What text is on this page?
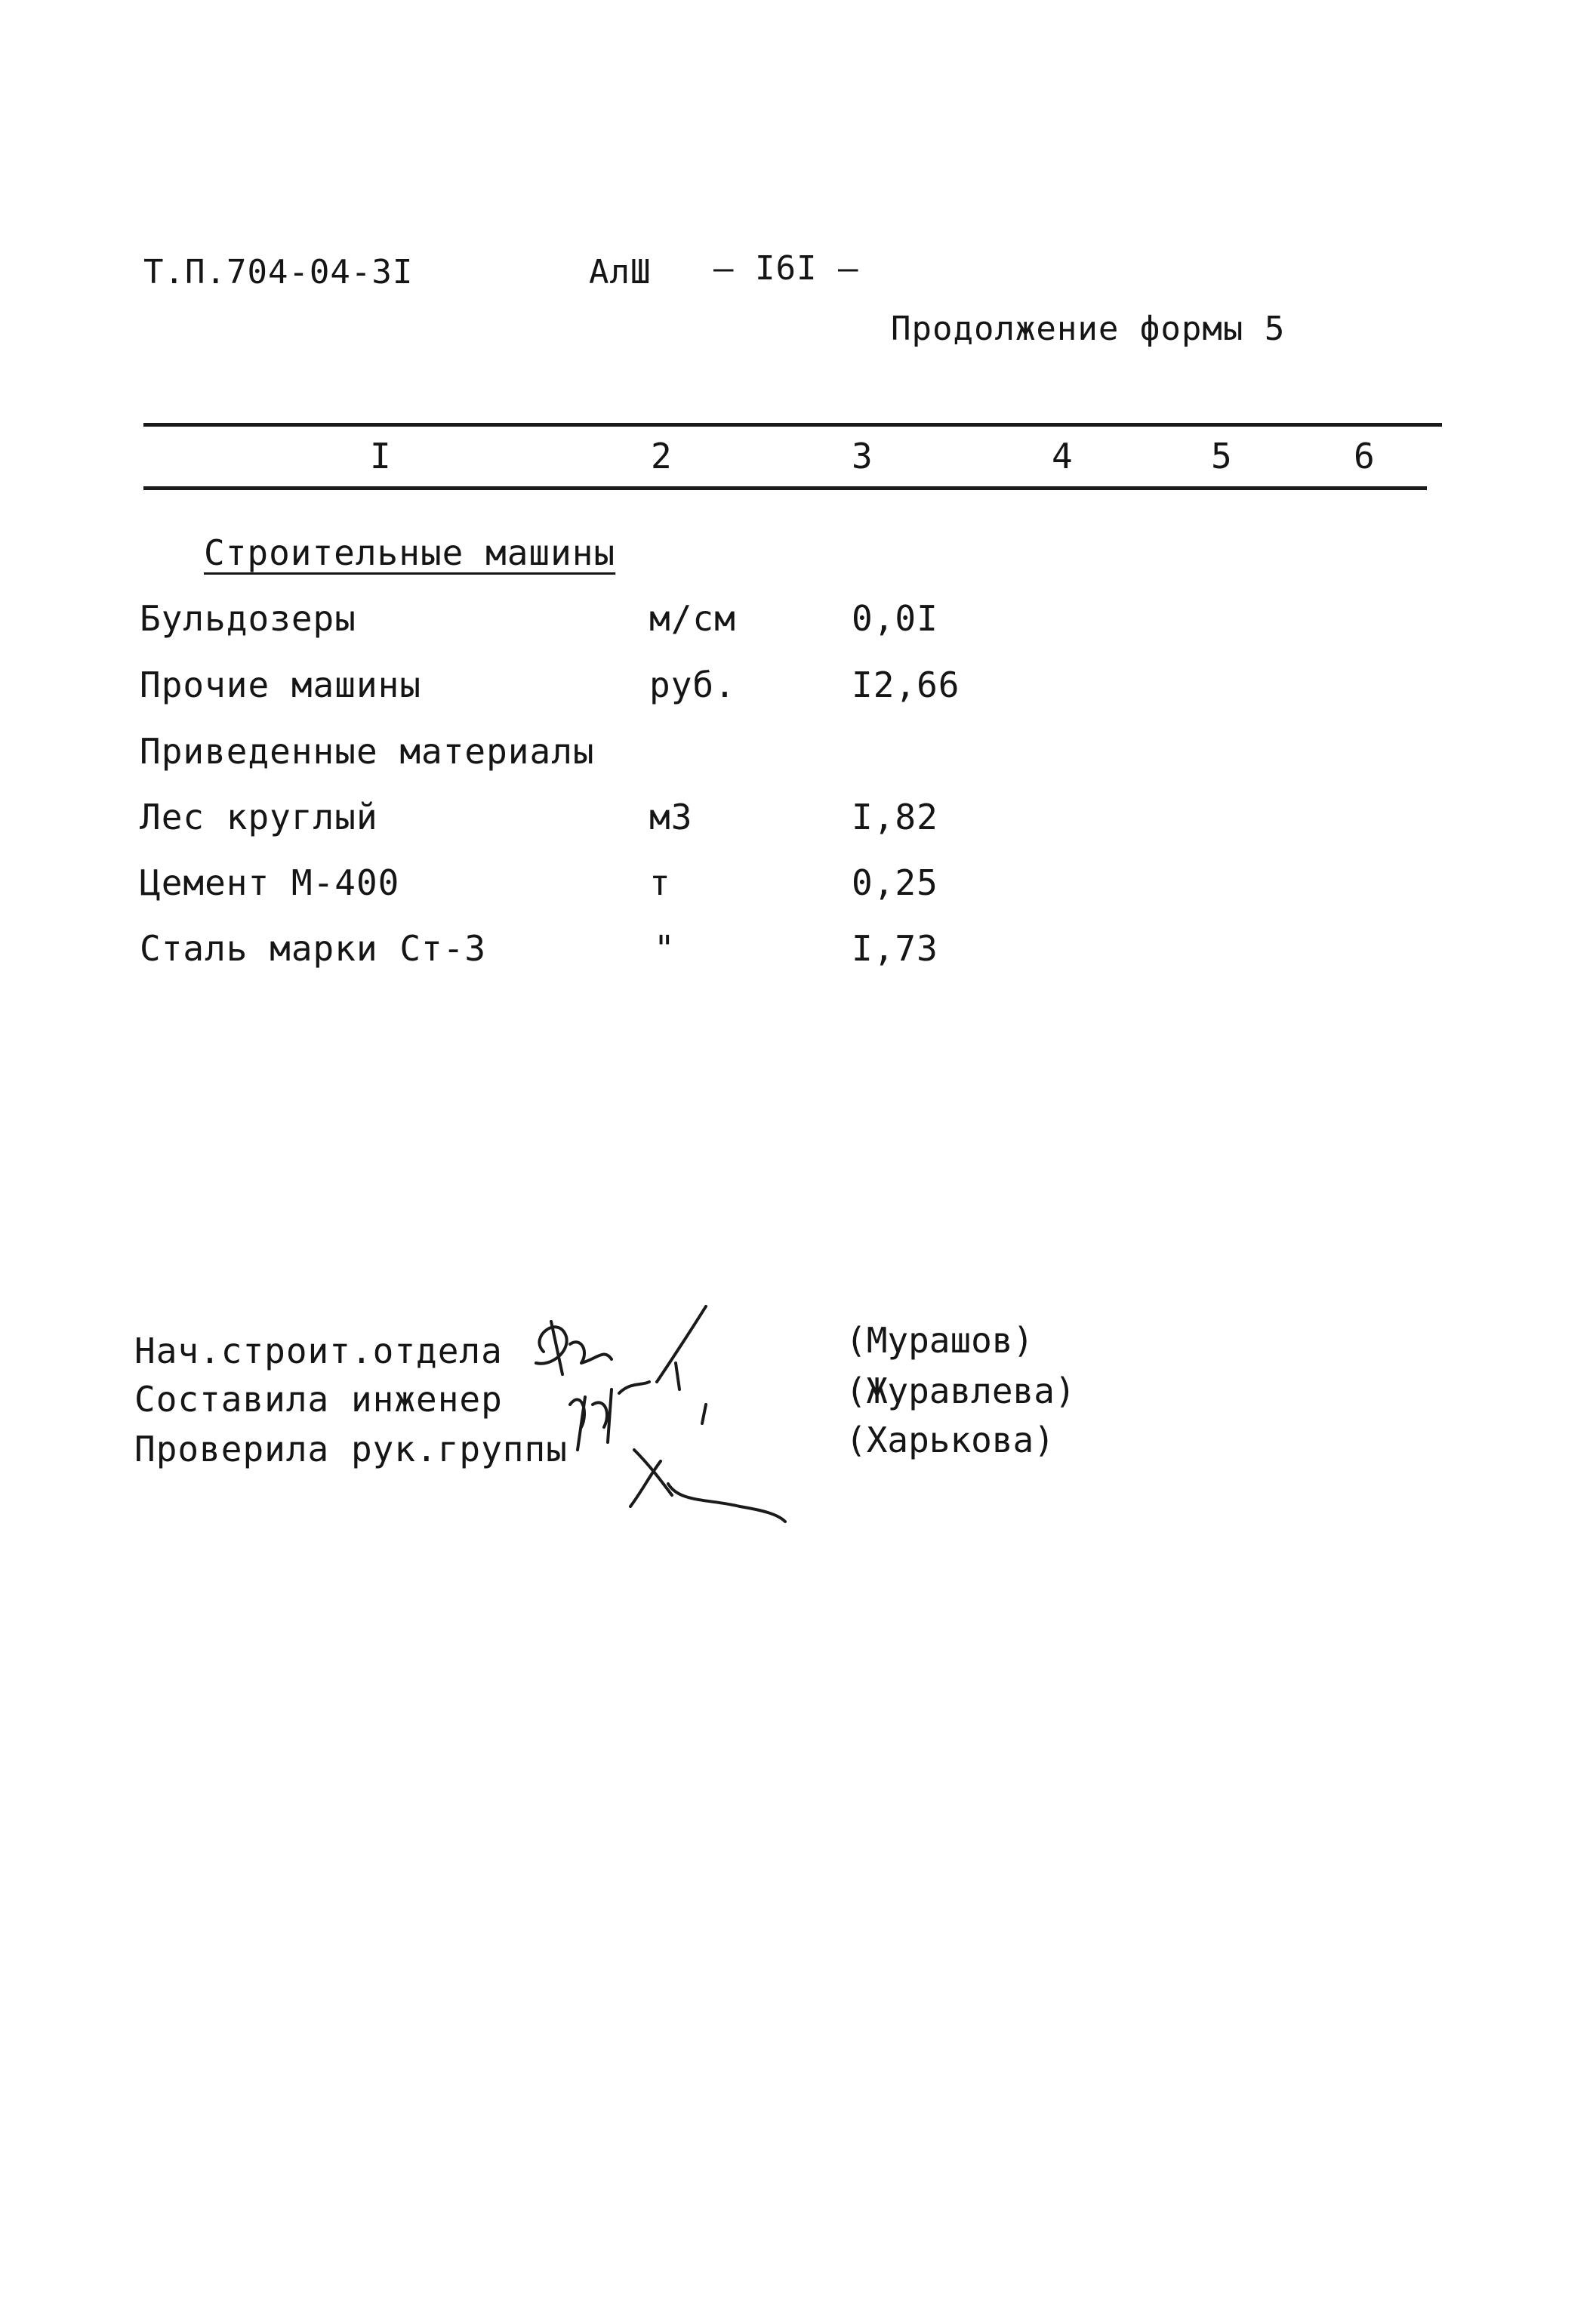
Т.П.704-04-3I	АлШ — I6I —
Продолжение формы 5
I	2	3	4	5	6
Строительные машины
Бульдозеры	м/см	0,0I
Прочие машины	руб.	I2,66
Приведенные материалы
Лес круглый	м3	I,82
Цемент М-400	т	0,25
Сталь марки Ст-3	"	I,73
Нач.строит.отдела	(Мурашов)
Составила инженер	(Журавлева)
Проверила рук.группы	(Харькова)
